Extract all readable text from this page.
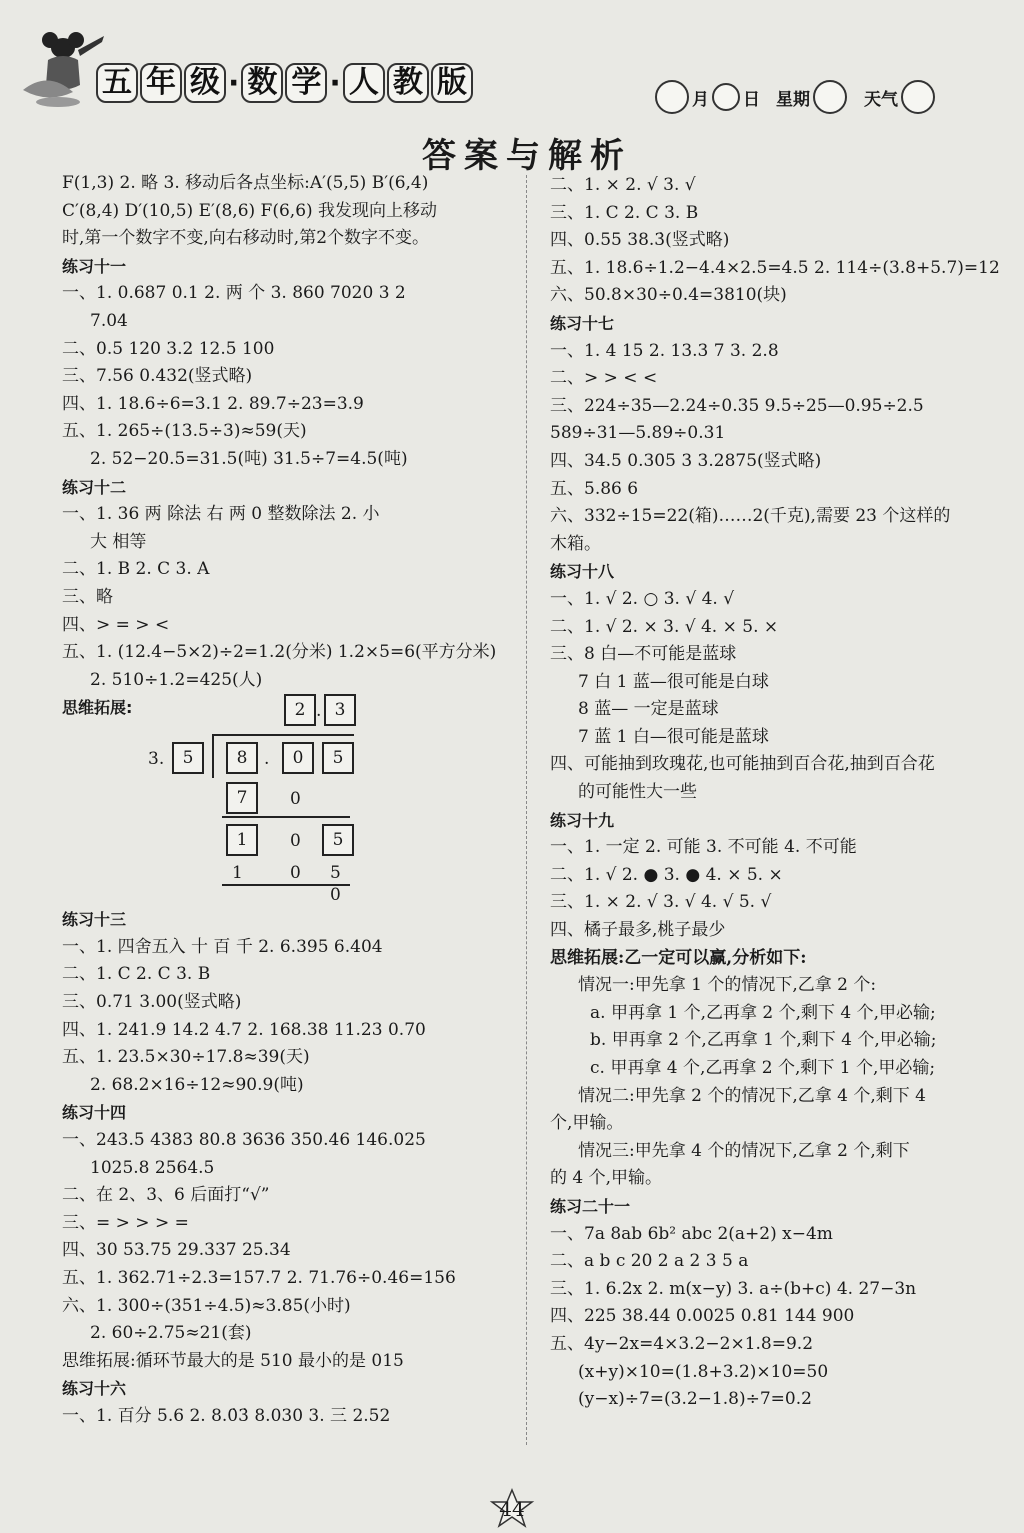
五 年 级 · 数 学 · 人 教 版	月 日 星期	天气
答案与解析
F(1,3) 2. 略 3. 移动后各点坐标:A′(5,5) B′(6,4)
C′(8,4) D′(10,5) E′(8,6) F(6,6) 我发现向上移动
时,第一个数字不变,向右移动时,第2个数字不变。
练习十一
一、1. 0.687 0.1 2. 两 个 3. 860 7020 3 2
7.04
二、0.5 120 3.2 12.5 100
三、7.56 0.432(竖式略)
四、1. 18.6÷6=3.1 2. 89.7÷23=3.9
五、1. 265÷(13.5÷3)≈59(天)
2. 52−20.5=31.5(吨) 31.5÷7=4.5(吨)
练习十二
一、1. 36 两 除法 右 两 0 整数除法 2. 小
大 相等
二、1. B 2. C 3. A
三、略
四、> = > <
五、1. (12.4−5×2)÷2=1.2(分米) 1.2×5=6(平方分米)
2. 510÷1.2=425(人)
思维拓展:	2 . 3
3.	5	8 .	0	5
7	0
1	0	5
1	0 5
0
练习十三
一、1. 四舍五入 十 百 千 2. 6.395 6.404
二、1. C 2. C 3. B
三、0.71 3.00(竖式略)
四、1. 241.9 14.2 4.7 2. 168.38 11.23 0.70
五、1. 23.5×30÷17.8≈39(天)
2. 68.2×16÷12≈90.9(吨)
练习十四
一、243.5 4383 80.8 3636 350.46 146.025
1025.8 2564.5
二、在 2、3、6 后面打“√”
三、= > > > =
四、30 53.75 29.337 25.34
五、1. 362.71÷2.3=157.7 2. 71.76÷0.46=156
六、1. 300÷(351÷4.5)≈3.85(小时)
2. 60÷2.75≈21(套)
思维拓展:循环节最大的是 510 最小的是 015
练习十六
一、1. 百分 5.6 2. 8.0̇3̇ 8.030 3. 三 2.52
二、1. × 2. √ 3. √
三、1. C 2. C 3. B
四、0.55 38.3̇(竖式略)
五、1. 18.6÷1.2−4.4×2.5=4.5 2. 114÷(3.8+5.7)=12
六、50.8×30÷0.4=3810(块)
练习十七
一、1. 4 15 2. 13.3 7 3. 2.8
二、> > < <
三、224÷35—2.24÷0.35 9.5÷25—0.95÷2.5
589÷31—5.89÷0.31
四、34.5 0.305 3 3.2875(竖式略)
五、5.86 6
六、332÷15=22(箱)……2(千克),需要 23 个这样的
木箱。
练习十八
一、1. √ 2. ○ 3. √ 4. √
二、1. √ 2. × 3. √ 4. × 5. ×
三、8 白—不可能是蓝球
7 白 1 蓝—很可能是白球
8 蓝— 一定是蓝球
7 蓝 1 白—很可能是蓝球
四、可能抽到玫瑰花,也可能抽到百合花,抽到百合花
的可能性大一些
练习十九
一、1. 一定 2. 可能 3. 不可能 4. 不可能
二、1. √ 2. ● 3. ● 4. × 5. ×
三、1. × 2. √ 3. √ 4. √ 5. √
四、橘子最多,桃子最少
思维拓展:乙一定可以赢,分析如下:
情况一:甲先拿 1 个的情况下,乙拿 2 个:
a. 甲再拿 1 个,乙再拿 2 个,剩下 4 个,甲必输;
b. 甲再拿 2 个,乙再拿 1 个,剩下 4 个,甲必输;
c. 甲再拿 4 个,乙再拿 2 个,剩下 1 个,甲必输;
情况二:甲先拿 2 个的情况下,乙拿 4 个,剩下 4
个,甲输。
情况三:甲先拿 4 个的情况下,乙拿 2 个,剩下
的 4 个,甲输。
练习二十一
一、7a 8ab 6b² abc 2(a+2) x−4m
二、a b c 20 2 a 2 3 5 a
三、1. 6.2x 2. m(x−y) 3. a÷(b+c) 4. 27−3n
四、225 38.44 0.0025 0.81 144 900
五、4y−2x=4×3.2−2×1.8=9.2
(x+y)×10=(1.8+3.2)×10=50
(y−x)÷7=(3.2−1.8)÷7=0.2
44
